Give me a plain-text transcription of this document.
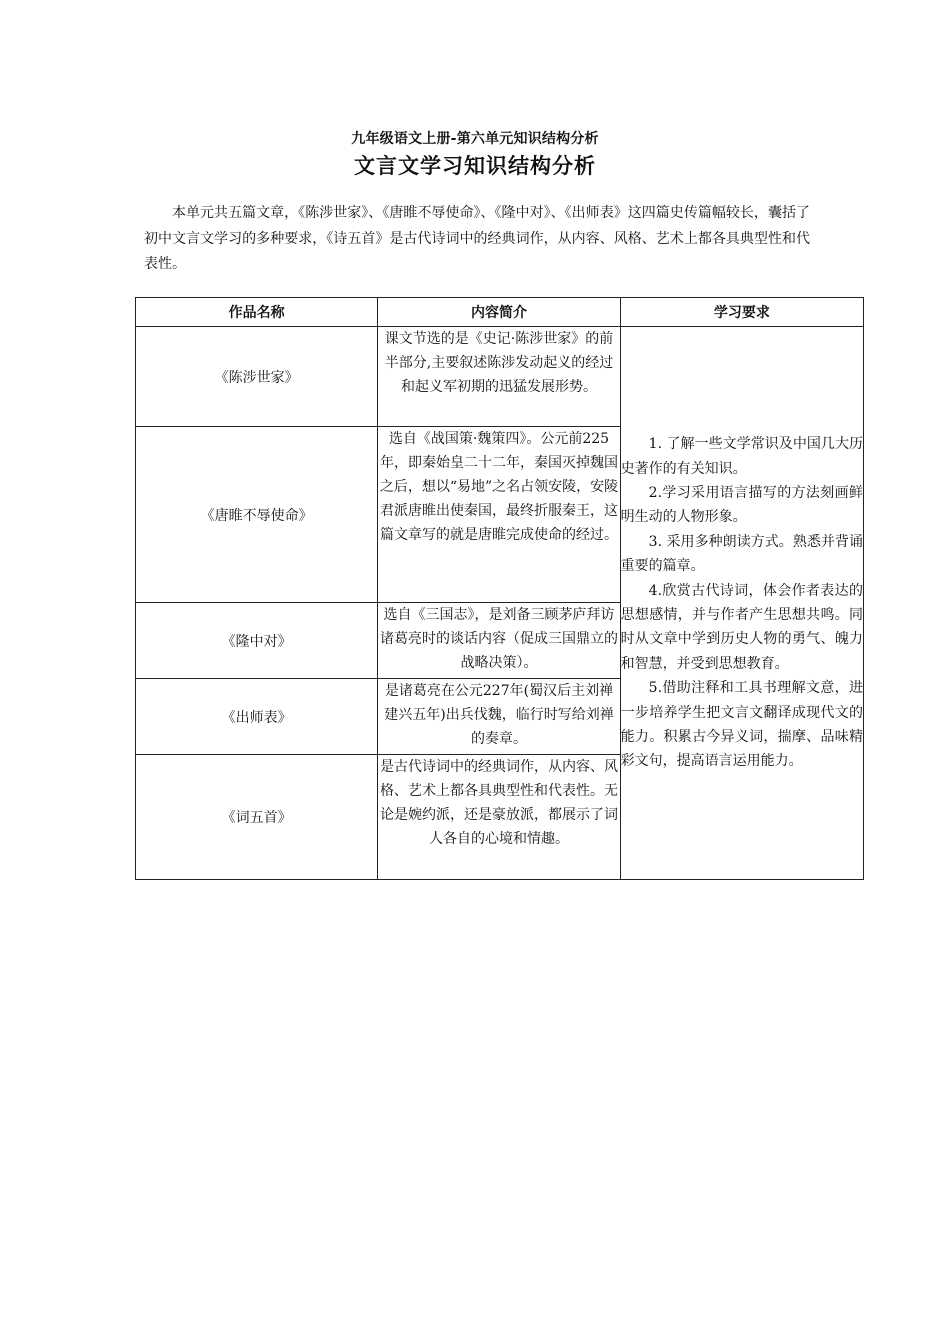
九年级语文上册-第六单元知识结构分析
文言文学习知识结构分析

本单元共五篇文章，《陈涉世家》、《唐睢不辱使命》、《隆中对》、《出师表》这四篇史传篇幅较长，囊括了初中文言文学习的多种要求，《诗五首》是古代诗词中的经典词作，从内容、风格、艺术上都各具典型性和代表性。

作品名称	内容简介	学习要求
《陈涉世家》	课文节选的是《史记·陈涉世家》的前半部分,主要叙述陈涉发动起义的经过和起义军初期的迅猛发展形势。	1. 了解一些文学常识及中国几大历史著作的有关知识。

2.学习采用语言描写的方法刻画鲜明生动的人物形象。

3. 采用多种朗读方式。熟悉并背诵重要的篇章。

4.欣赏古代诗词，体会作者表达的思想感情，并与作者产生思想共鸣。同时从文章中学到历史人物的勇气、魄力和智慧，并受到思想教育。

5.借助注释和工具书理解文意，进一步培养学生把文言文翻译成现代文的能力。积累古今异义词，揣摩、品味精彩文句，提高语言运用能力。

《唐睢不辱使命》	选自《战国策·魏策四》。公元前225年，即秦始皇二十二年，秦国灭掉魏国之后，想以“易地”之名占领安陵，安陵君派唐睢出使秦国，最终折服秦王，这篇文章写的就是唐睢完成使命的经过。	
《隆中对》	选自《三国志》，是刘备三顾茅庐拜访诸葛亮时的谈话内容（促成三国鼎立的战略决策）。	
《出师表》	是诸葛亮在公元227年(蜀汉后主刘禅建兴五年)出兵伐魏，临行时写给刘禅的奏章。	
《词五首》	是古代诗词中的经典词作，从内容、风格、艺术上都各具典型性和代表性。无论是婉约派，还是豪放派，都展示了词人各自的心境和情趣。	
